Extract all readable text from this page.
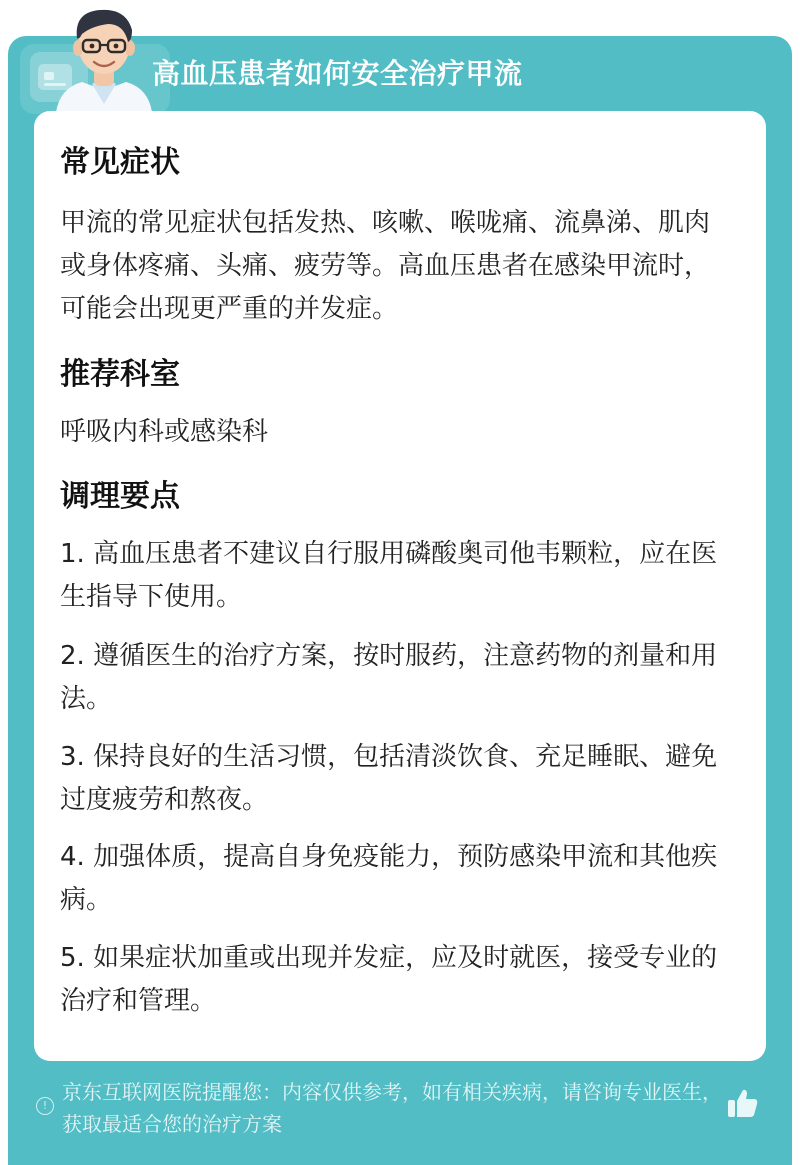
高血压患者如何安全治疗甲流
常见症状
甲流的常见症状包括发热、咳嗽、喉咙痛、流鼻涕、肌肉或身体疼痛、头痛、疲劳等。高血压患者在感染甲流时，可能会出现更严重的并发症。
推荐科室
呼吸内科或感染科
调理要点
1. 高血压患者不建议自行服用磷酸奥司他韦颗粒，应在医生指导下使用。
2. 遵循医生的治疗方案，按时服药，注意药物的剂量和用法。
3. 保持良好的生活习惯，包括清淡饮食、充足睡眠、避免过度疲劳和熬夜。
4. 加强体质，提高自身免疫能力，预防感染甲流和其他疾病。
5. 如果症状加重或出现并发症，应及时就医，接受专业的治疗和管理。
!
京东互联网医院提醒您：内容仅供参考，如有相关疾病，请咨询专业医生，获取最适合您的治疗方案
